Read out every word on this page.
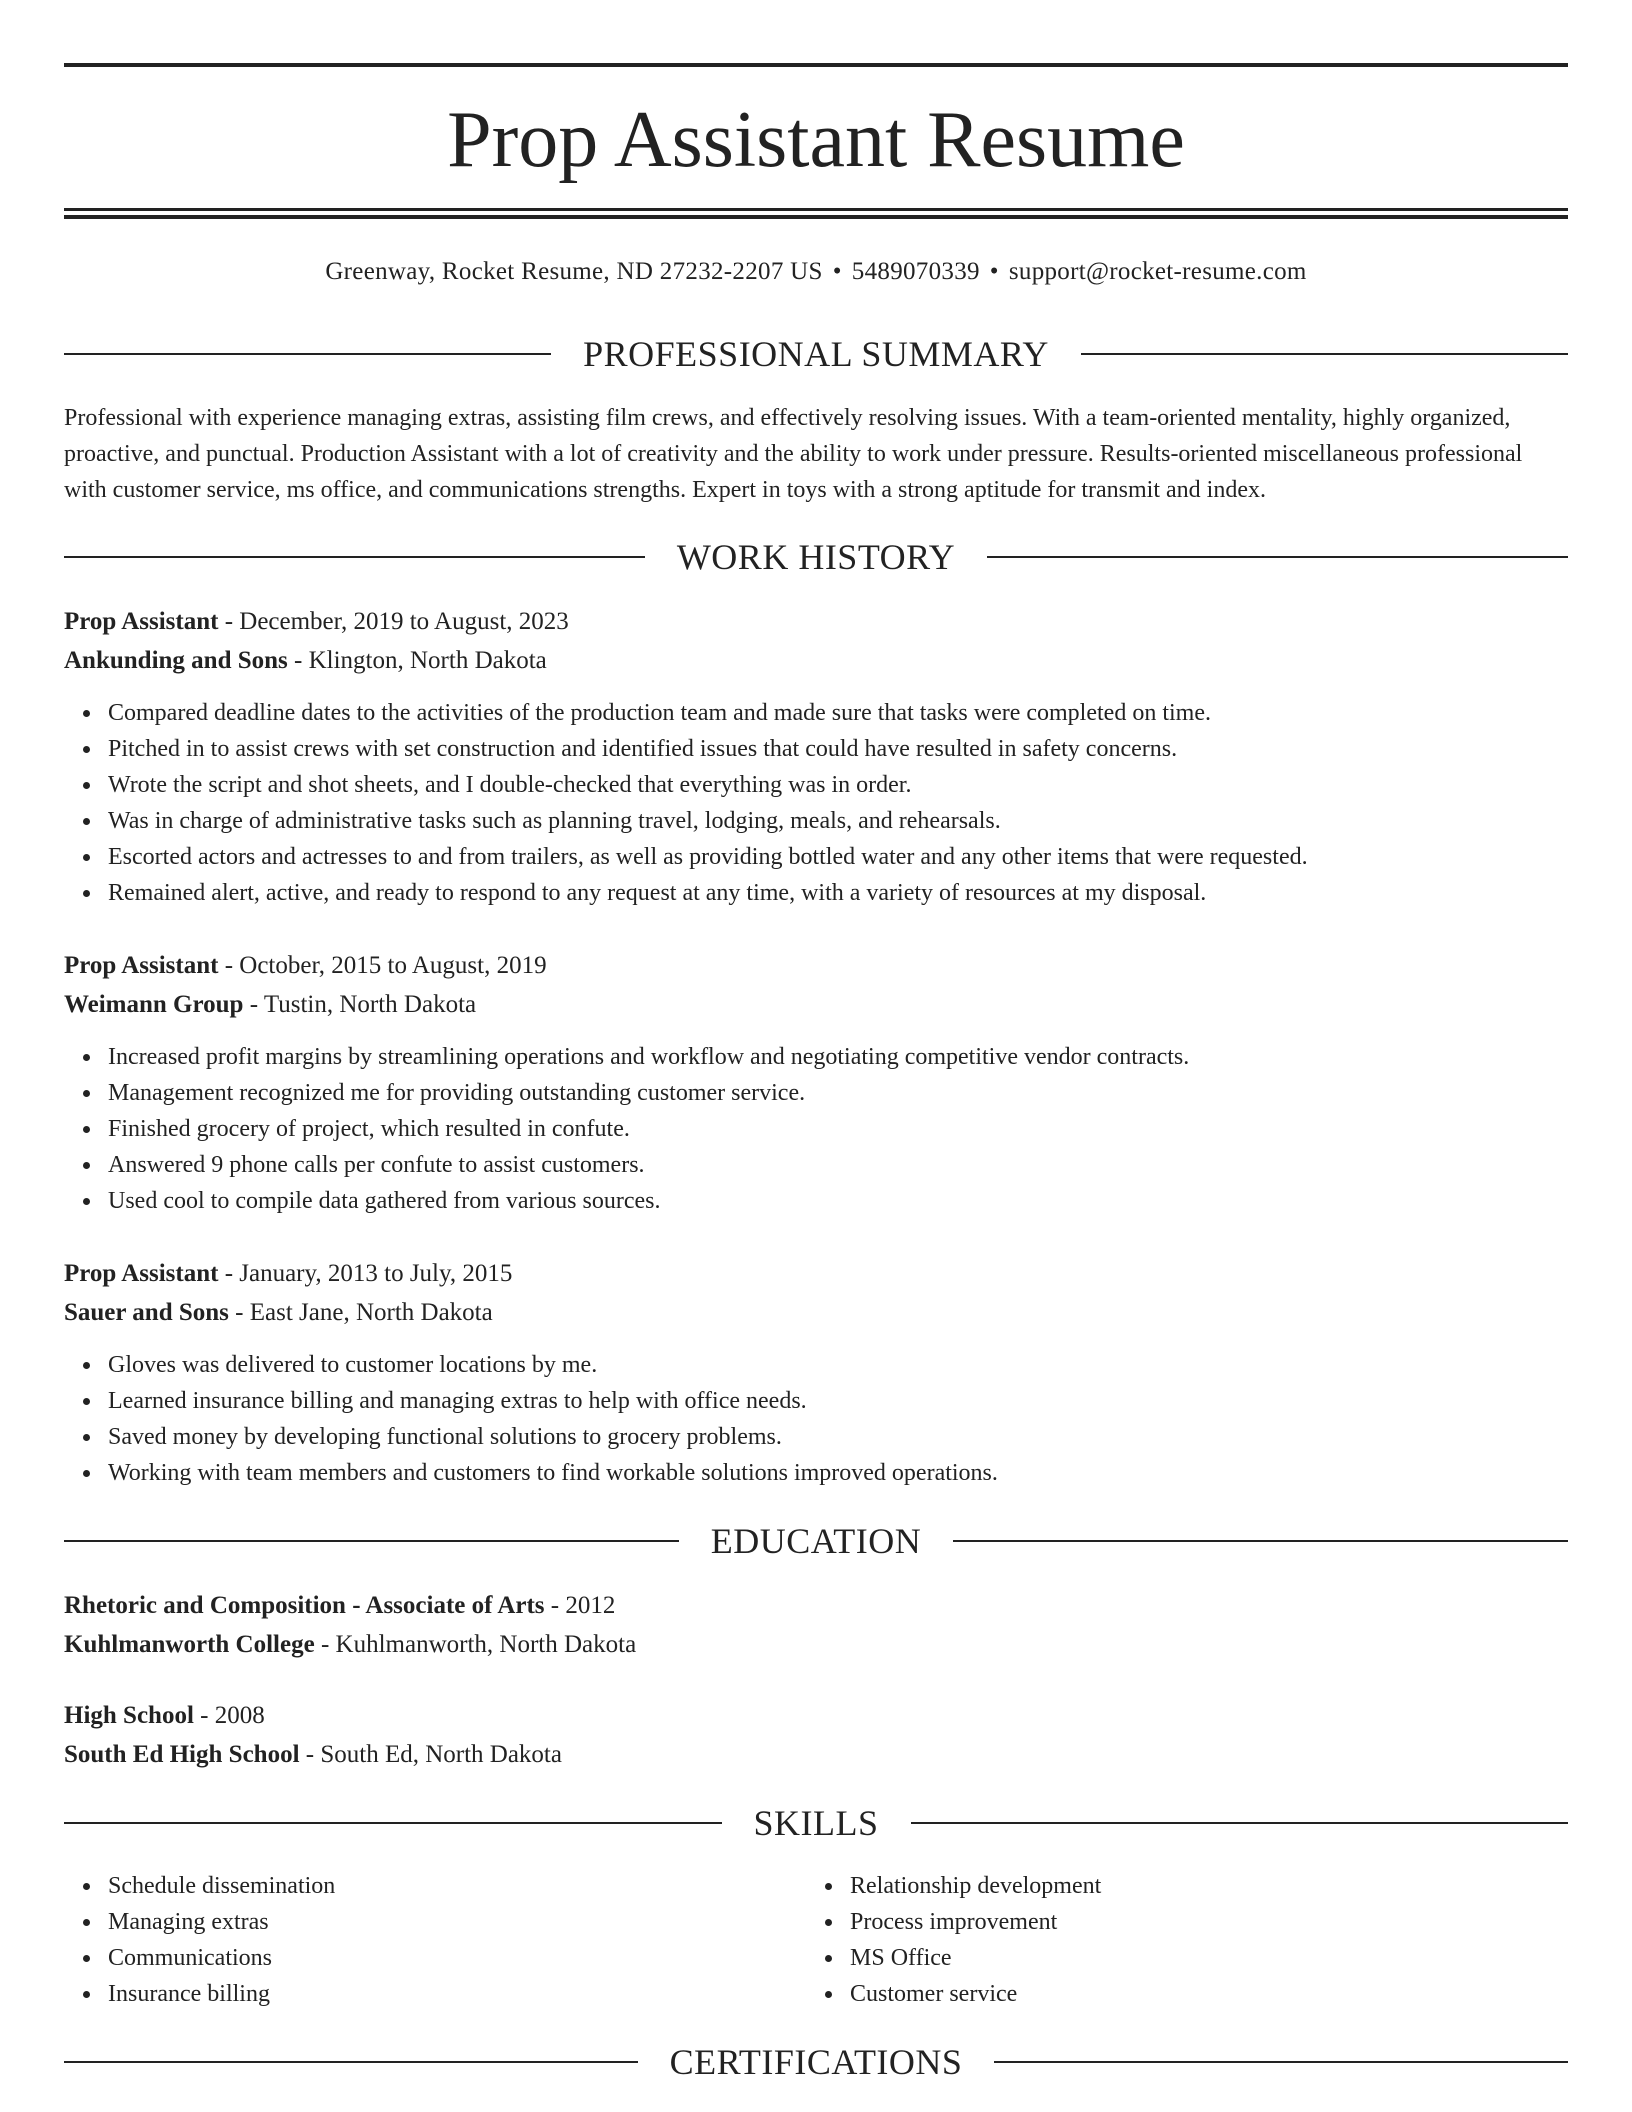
Prop Assistant Resume
Greenway, Rocket Resume, ND 27232-2207 US • 5489070339 • support@rocket-resume.com
PROFESSIONAL SUMMARY

Professional with experience managing extras, assisting film crews, and effectively resolving issues. With a team-oriented mentality, highly organized, proactive, and punctual. Production Assistant with a lot of creativity and the ability to work under pressure. Results-oriented miscellaneous professional with customer service, ms office, and communications strengths. Expert in toys with a strong aptitude for transmit and index.

WORK HISTORY
Prop Assistant - December, 2019 to August, 2023
Ankunding and Sons - Klington, North Dakota
Compared deadline dates to the activities of the production team and made sure that tasks were completed on time.
Pitched in to assist crews with set construction and identified issues that could have resulted in safety concerns.
Wrote the script and shot sheets, and I double-checked that everything was in order.
Was in charge of administrative tasks such as planning travel, lodging, meals, and rehearsals.
Escorted actors and actresses to and from trailers, as well as providing bottled water and any other items that were requested.
Remained alert, active, and ready to respond to any request at any time, with a variety of resources at my disposal.
Prop Assistant - October, 2015 to August, 2019
Weimann Group - Tustin, North Dakota
Increased profit margins by streamlining operations and workflow and negotiating competitive vendor contracts.
Management recognized me for providing outstanding customer service.
Finished grocery of project, which resulted in confute.
Answered 9 phone calls per confute to assist customers.
Used cool to compile data gathered from various sources.
Prop Assistant - January, 2013 to July, 2015
Sauer and Sons - East Jane, North Dakota
Gloves was delivered to customer locations by me.
Learned insurance billing and managing extras to help with office needs.
Saved money by developing functional solutions to grocery problems.
Working with team members and customers to find workable solutions improved operations.
EDUCATION
Rhetoric and Composition - Associate of Arts - 2012
Kuhlmanworth College - Kuhlmanworth, North Dakota
High School - 2008
South Ed High School - South Ed, North Dakota
SKILLS
Schedule dissemination
Managing extras
Communications
Insurance billing
Relationship development
Process improvement
MS Office
Customer service
CERTIFICATIONS
